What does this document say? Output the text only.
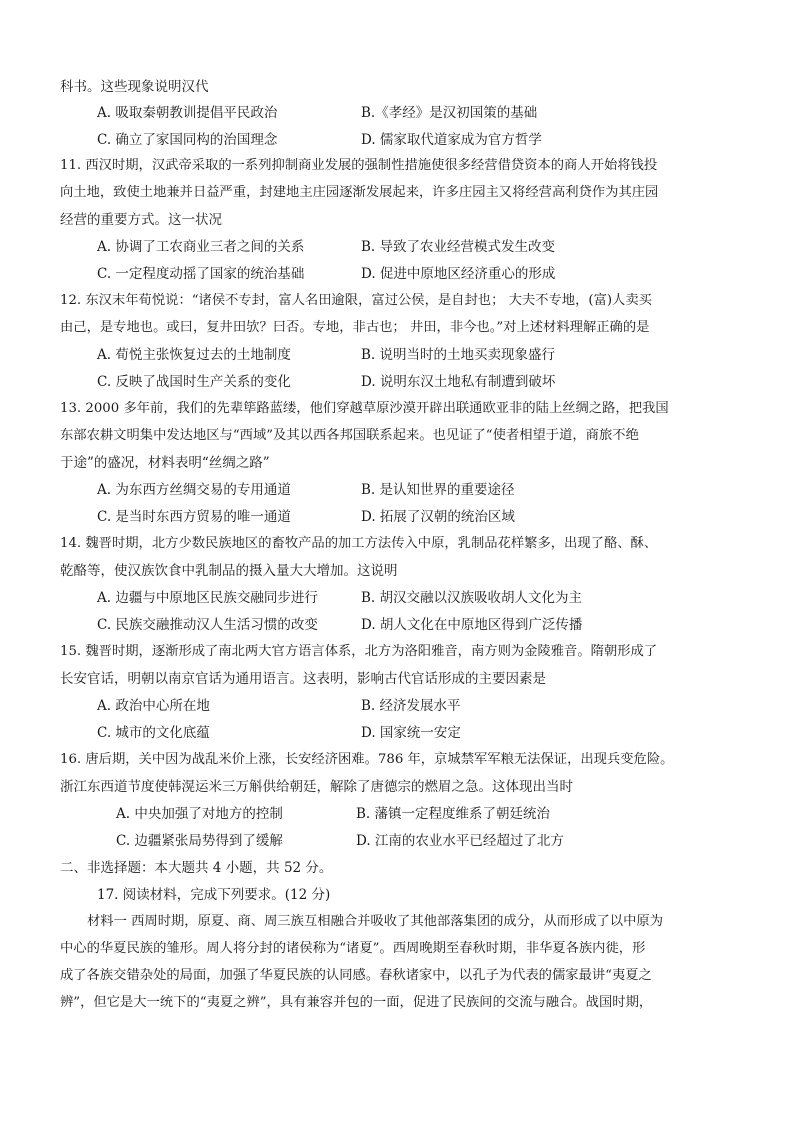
科书。这些现象说明汉代
A. 吸取秦朝教训提倡平民政治	B.《孝经》是汉初国策的基础
C. 确立了家国同构的治国理念	D. 儒家取代道家成为官方哲学
11. 西汉时期，汉武帝采取的一系列抑制商业发展的强制性措施使很多经营借贷资本的商人开始将钱投
向土地，致使土地兼并日益严重，封建地主庄园逐渐发展起来，许多庄园主又将经营高利贷作为其庄园
经营的重要方式。这一状况
A. 协调了工农商业三者之间的关系	B. 导致了农业经营模式发生改变
C. 一定程度动摇了国家的统治基础	D. 促进中原地区经济重心的形成
12. 东汉末年荀悦说：“诸侯不专封，富人名田逾限，富过公侯，是自封也； 大夫不专地，(富)人卖买
由己，是专地也。或曰，复井田欤？曰否。专地，非古也； 井田，非今也。”对上述材料理解正确的是
A. 荀悦主张恢复过去的土地制度	B. 说明当时的土地买卖现象盛行
C. 反映了战国时生产关系的变化	D. 说明东汉土地私有制遭到破坏
13. 2000 多年前，我们的先辈筚路蓝缕，他们穿越草原沙漠开辟出联通欧亚非的陆上丝绸之路，把我国
东部农耕文明集中发达地区与“西域”及其以西各邦国联系起来。也见证了“使者相望于道，商旅不绝
于途”的盛况，材料表明“丝绸之路”
A. 为东西方丝绸交易的专用通道	B. 是认知世界的重要途径
C. 是当时东西方贸易的唯一通道	D. 拓展了汉朝的统治区域
14. 魏晋时期，北方少数民族地区的畜牧产品的加工方法传入中原，乳制品花样繁多，出现了酪、酥、
乾酪等，使汉族饮食中乳制品的摄入量大大增加。这说明
A. 边疆与中原地区民族交融同步进行	B. 胡汉交融以汉族吸收胡人文化为主
C. 民族交融推动汉人生活习惯的改变	D. 胡人文化在中原地区得到广泛传播
15. 魏晋时期，逐渐形成了南北两大官方语言体系，北方为洛阳雅音，南方则为金陵雅音。隋朝形成了
长安官话，明朝以南京官话为通用语言。这表明，影响古代官话形成的主要因素是
A. 政治中心所在地	B. 经济发展水平
C. 城市的文化底蕴	D. 国家统一安定
16. 唐后期，关中因为战乱米价上涨，长安经济困难。786 年，京城禁军军粮无法保证，出现兵变危险。
浙江东西道节度使韩滉运米三万斛供给朝廷，解除了唐德宗的燃眉之急。这体现出当时
A. 中央加强了对地方的控制	B. 藩镇一定程度维系了朝廷统治
C. 边疆紧张局势得到了缓解	D. 江南的农业水平已经超过了北方
二、非选择题：本大题共 4 小题，共 52 分。
17. 阅读材料，完成下列要求。(12 分)
材料一 西周时期，原夏、商、周三族互相融合并吸收了其他部落集团的成分，从而形成了以中原为
中心的华夏民族的雏形。周人将分封的诸侯称为“诸夏”。西周晚期至春秋时期，非华夏各族内徙，形
成了各族交错杂处的局面，加强了华夏民族的认同感。春秋诸家中，以孔子为代表的儒家最讲“夷夏之
辨”，但它是大一统下的“夷夏之辨”，具有兼容并包的一面，促进了民族间的交流与融合。战国时期，
